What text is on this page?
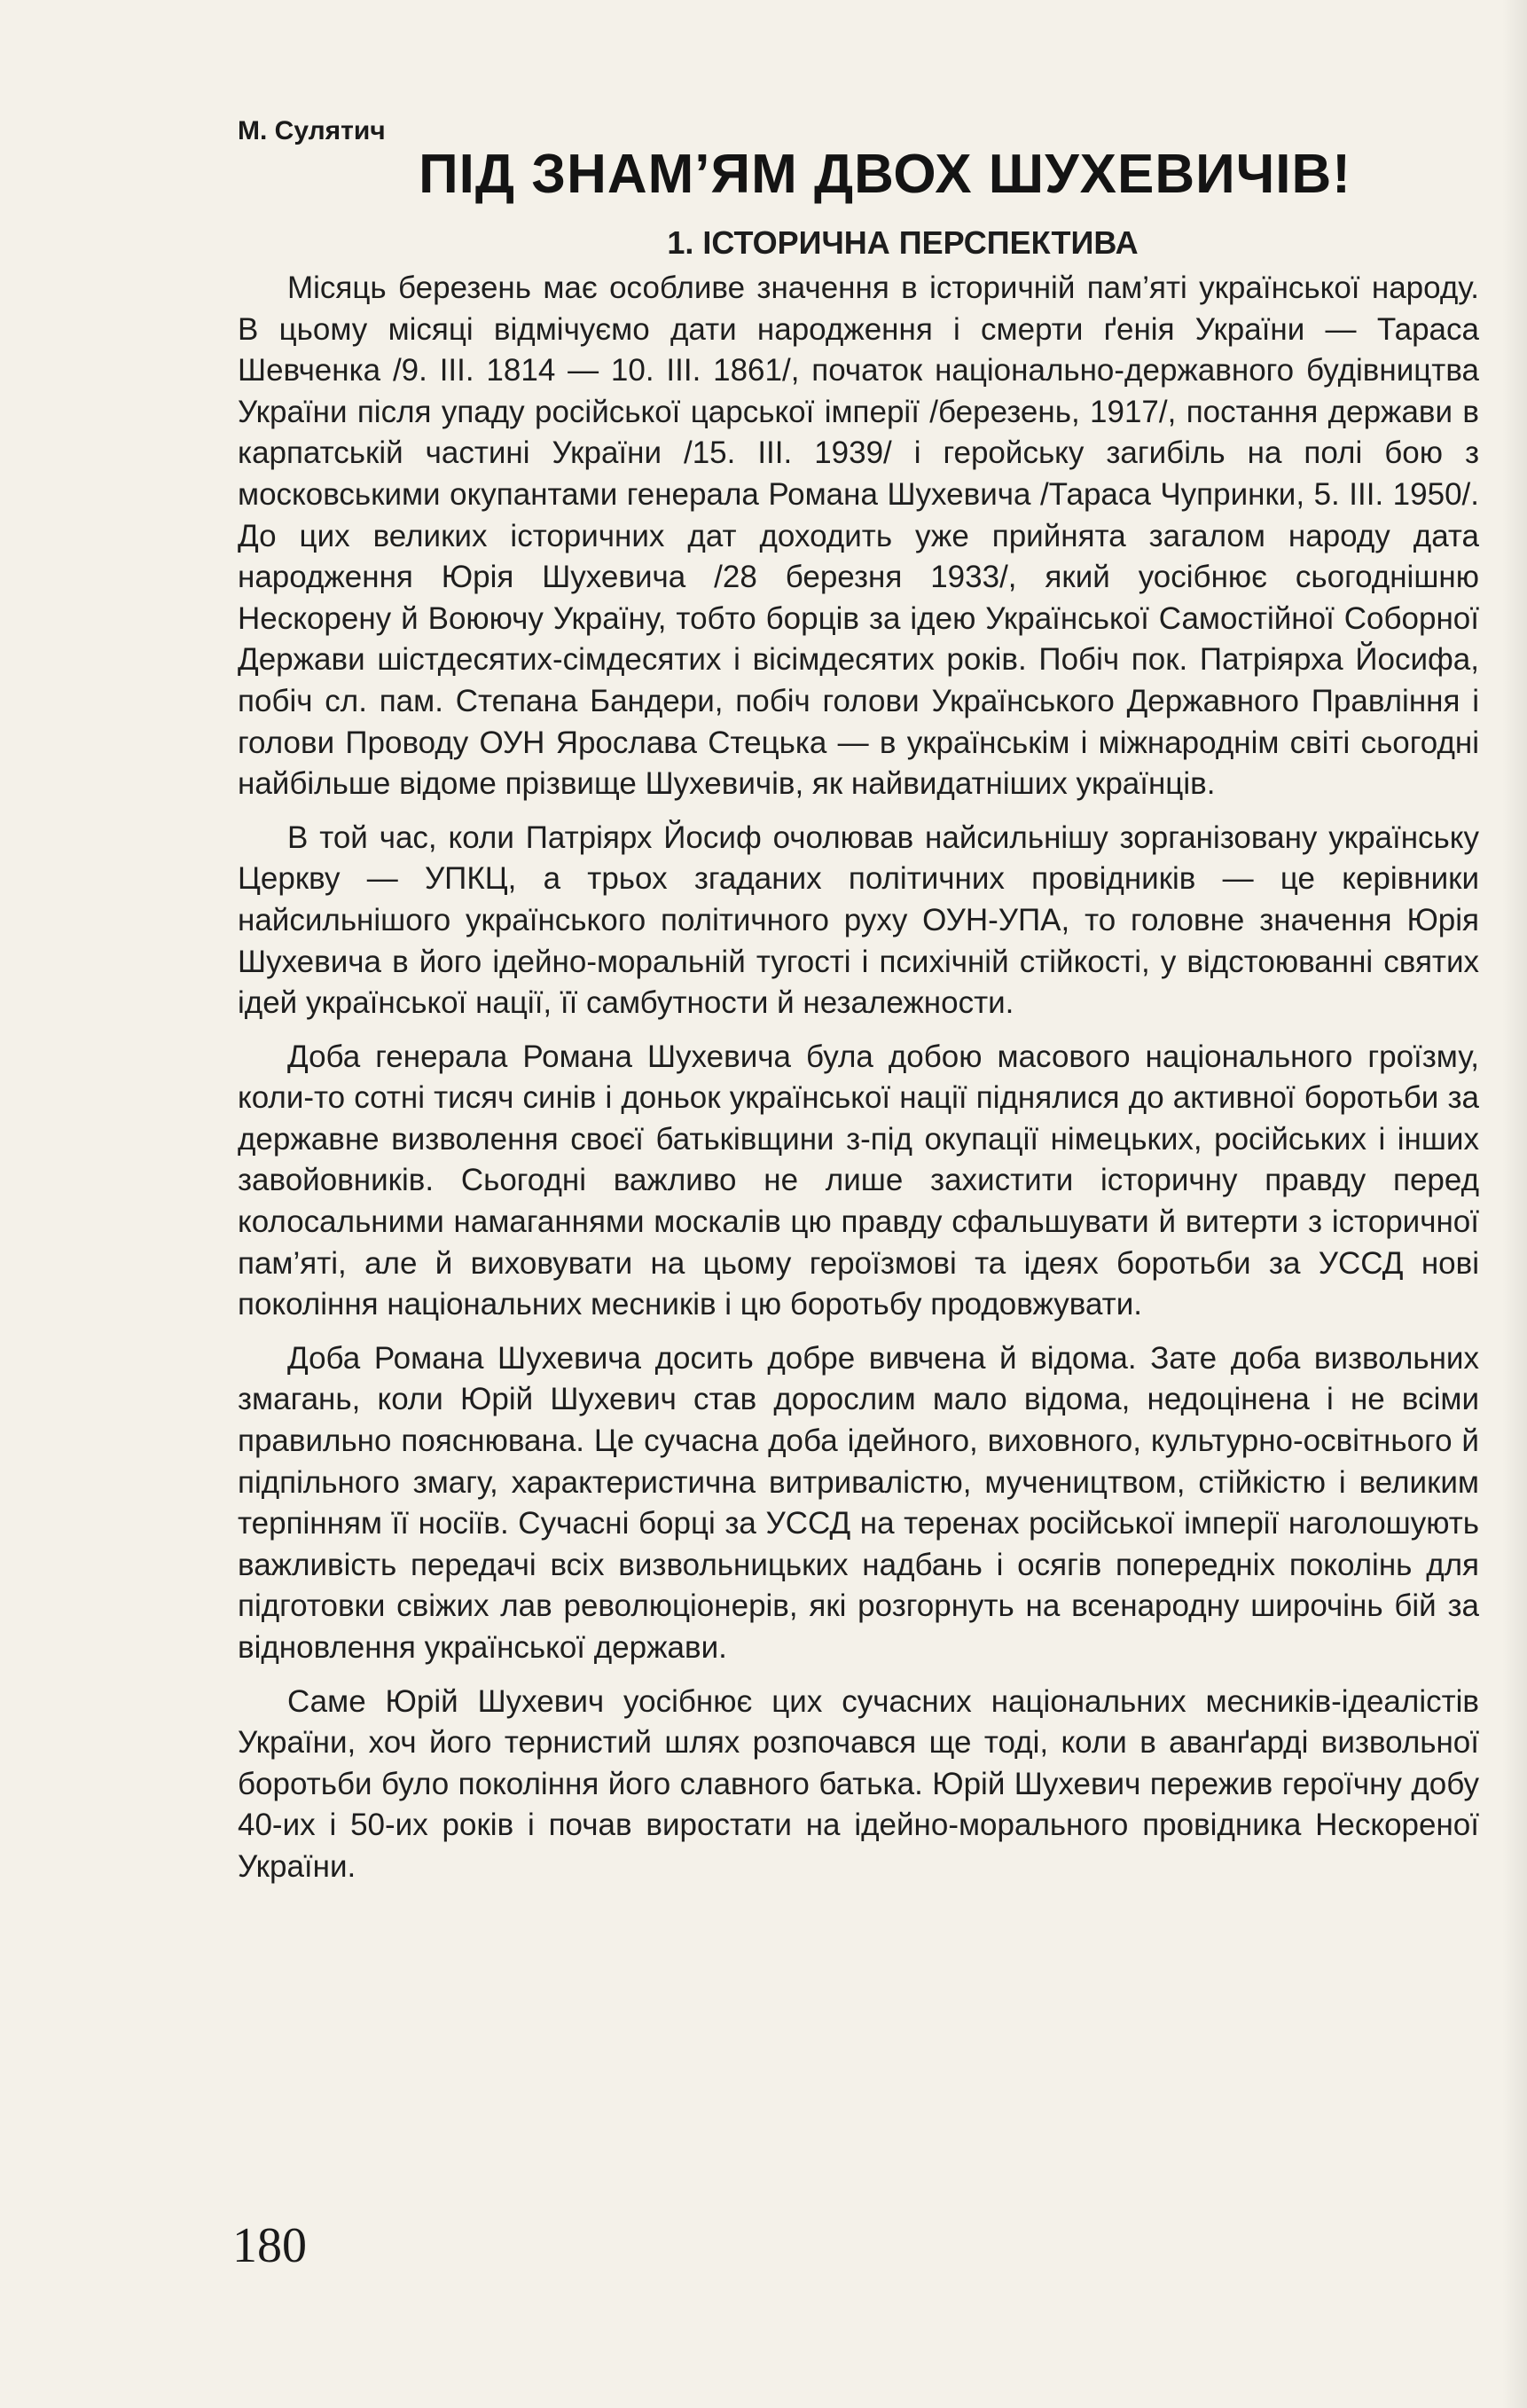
М. Сулятич

ПІД ЗНАМ’ЯМ ДВОХ ШУХЕВИЧІВ!
1. ІСТОРИЧНА ПЕРСПЕКТИВА

Місяць березень має особливе значення в історичній пам’яті української народу. В цьому місяці відмічуємо дати народження і смерти ґенія України — Тараса Шевченка /9. III. 1814 — 10. III. 1861/, початок національно-державного будівництва України після упаду російської царської імперії /березень, 1917/, постання держави в карпатській частині України /15. III. 1939/ і геройську загибіль на полі бою з московськими окупантами генерала Романа Шухевича /Тараса Чупринки, 5. III. 1950/. До цих великих історичних дат доходить уже прийнята загалом народу дата народження Юрія Шухевича /28 березня 1933/, який уосібнює сьогоднішню Нескорену й Воюючу Україну, тобто борців за ідею Української Самостійної Соборної Держави шістдесятих-сімдесятих і вісімдесятих років. Побіч пок. Патріярха Йосифа, побіч сл. пам. Степана Бандери, побіч голови Українського Державного Правління і голови Проводу ОУН Ярослава Стецька — в українськім і міжнароднім світі сьогодні найбільше відоме прізвище Шухевичів, як найвидатніших українців.

В той час, коли Патріярх Йосиф очолював найсильнішу зорганізовану українську Церкву — УПКЦ, а трьох згаданих політичних провідників — це керівники найсильнішого українського політичного руху ОУН-УПА, то головне значення Юрія Шухевича в його ідейно-моральній тугості і психічній стійкості, у відстоюванні святих ідей української нації, її самбутности й незалежности.

Доба генерала Романа Шухевича була добою масового національного гроїзму, коли-то сотні тисяч синів і доньок української нації піднялися до активної боротьби за державне визволення своєї батьківщини з-під окупації німецьких, російських і інших завойовників. Сьогодні важливо не лише захистити історичну правду перед колосальними намаганнями москалів цю правду сфальшувати й витерти з історичної пам’яті, але й виховувати на цьому героїзмові та ідеях боротьби за УССД нові покоління національних месників і цю боротьбу продовжувати.

Доба Романа Шухевича досить добре вивчена й відома. Зате доба визвольних змагань, коли Юрій Шухевич став дорослим мало відома, недоцінена і не всіми правильно пояснювана. Це сучасна доба ідейного, виховного, культурно-освітнього й підпільного змагу, характеристична витривалістю, мучеництвом, стійкістю і великим терпінням її носіїв. Сучасні борці за УССД на теренах російської імперії наголошують важливість передачі всіх визвольницьких надбань і осягів попередніх поколінь для підготовки свіжих лав революціонерів, які розгорнуть на всенародну широчінь бій за відновлення української держави.

Саме Юрій Шухевич уосібнює цих сучасних національних месників-ідеалістів України, хоч його тернистий шлях розпочався ще тоді, коли в аванґарді визвольної боротьби було покоління його славного батька. Юрій Шухевич пережив героїчну добу 40-их і 50-их років і почав виростати на ідейно-морального провідника Нескореної України.

180
